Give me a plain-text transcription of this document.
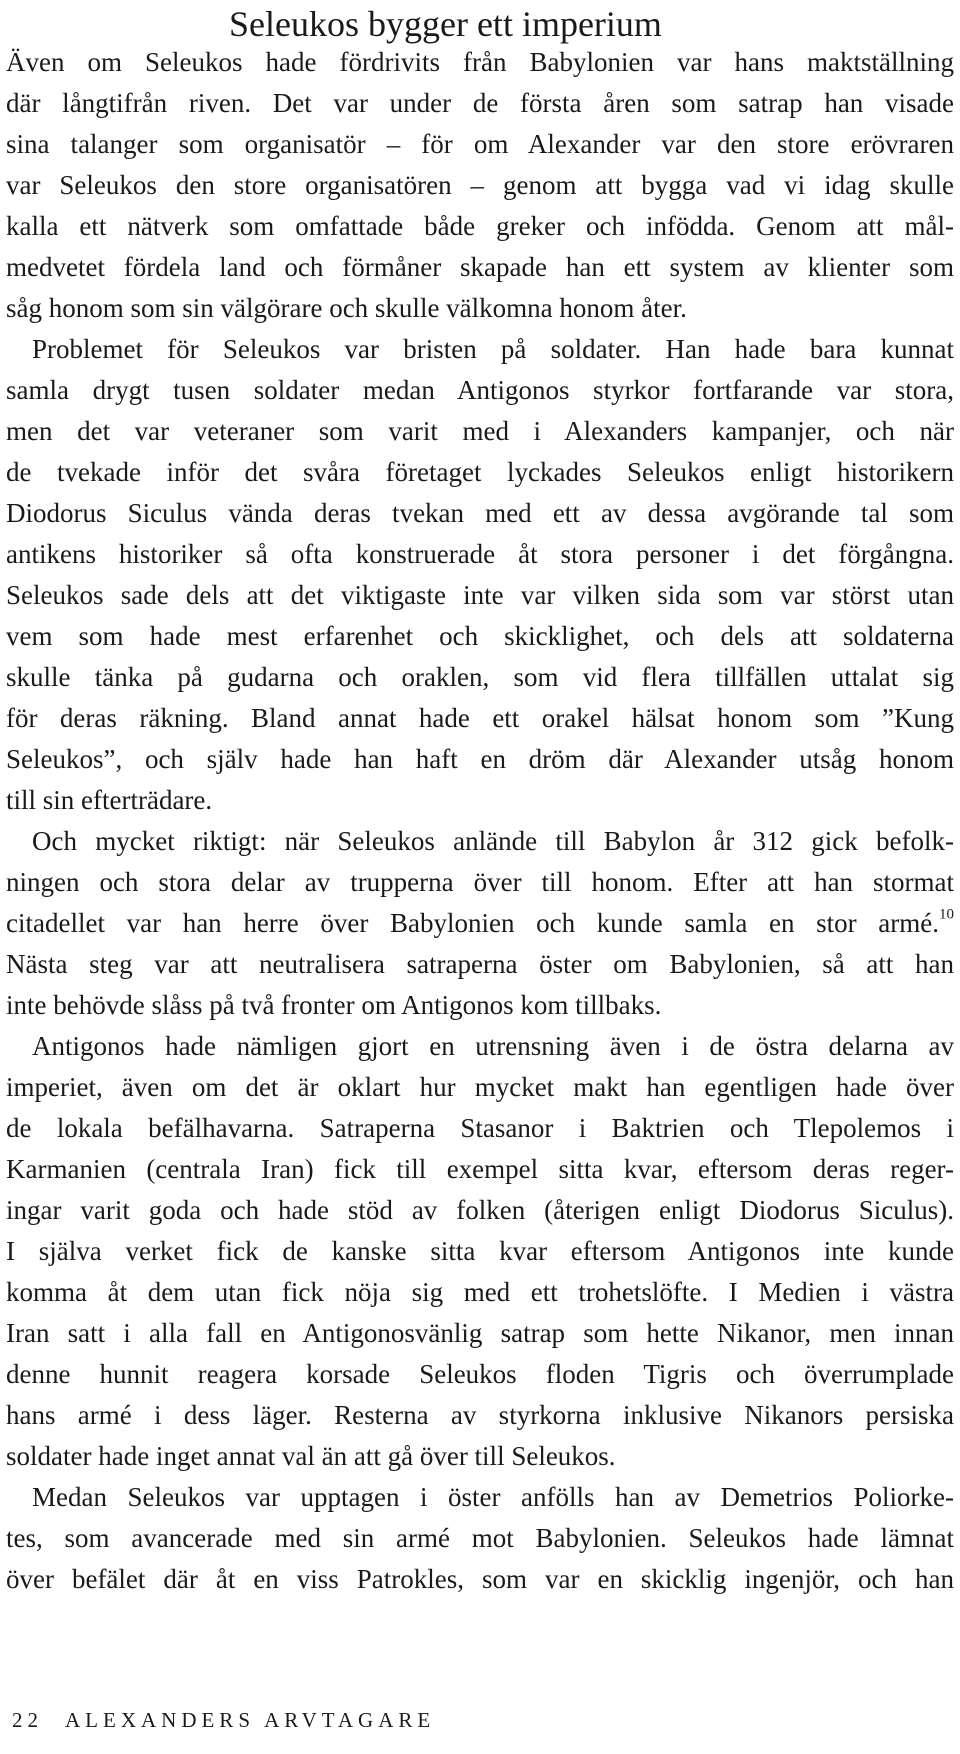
Seleukos bygger ett imperium
Även om Seleukos hade fördrivits från Babylonien var hans maktställning
där långtifrån riven. Det var under de första åren som satrap han visade
sina talanger som organisatör – för om Alexander var den store erövraren
var Seleukos den store organisatören – genom att bygga vad vi idag skulle
kalla ett nätverk som omfattade både greker och infödda. Genom att mål-
medvetet fördela land och förmåner skapade han ett system av klienter som
såg honom som sin välgörare och skulle välkomna honom åter.
Problemet för Seleukos var bristen på soldater. Han hade bara kunnat
samla drygt tusen soldater medan Antigonos styrkor fortfarande var stora,
men det var veteraner som varit med i Alexanders kampanjer, och när
de tvekade inför det svåra företaget lyckades Seleukos enligt historikern
Diodorus Siculus vända deras tvekan med ett av dessa avgörande tal som
antikens historiker så ofta konstruerade åt stora personer i det förgångna.
Seleukos sade dels att det viktigaste inte var vilken sida som var störst utan
vem som hade mest erfarenhet och skicklighet, och dels att soldaterna
skulle tänka på gudarna och oraklen, som vid flera tillfällen uttalat sig
för deras räkning. Bland annat hade ett orakel hälsat honom som ”Kung
Seleukos”, och själv hade han haft en dröm där Alexander utsåg honom
till sin efterträdare.
Och mycket riktigt: när Seleukos anlände till Babylon år 312 gick befolk-
ningen och stora delar av trupperna över till honom. Efter att han stormat
citadellet var han herre över Babylonien och kunde samla en stor armé.$^{10}$
Nästa steg var att neutralisera satraperna öster om Babylonien, så att han
inte behövde slåss på två fronter om Antigonos kom tillbaks.
Antigonos hade nämligen gjort en utrensning även i de östra delarna av
imperiet, även om det är oklart hur mycket makt han egentligen hade över
de lokala befälhavarna. Satraperna Stasanor i Baktrien och Tlepolemos i
Karmanien (centrala Iran) fick till exempel sitta kvar, eftersom deras reger-
ingar varit goda och hade stöd av folken (återigen enligt Diodorus Siculus).
I själva verket fick de kanske sitta kvar eftersom Antigonos inte kunde
komma åt dem utan fick nöja sig med ett trohetslöfte. I Medien i västra
Iran satt i alla fall en Antigonosvänlig satrap som hette Nikanor, men innan
denne hunnit reagera korsade Seleukos floden Tigris och överrumplade
hans armé i dess läger. Resterna av styrkorna inklusive Nikanors persiska
soldater hade inget annat val än att gå över till Seleukos.
Medan Seleukos var upptagen i öster anfölls han av Demetrios Poliorke-
tes, som avancerade med sin armé mot Babylonien. Seleukos hade lämnat
över befälet där åt en viss Patrokles, som var en skicklig ingenjör, och han
22 ALEXANDERS ARVTAGARE
